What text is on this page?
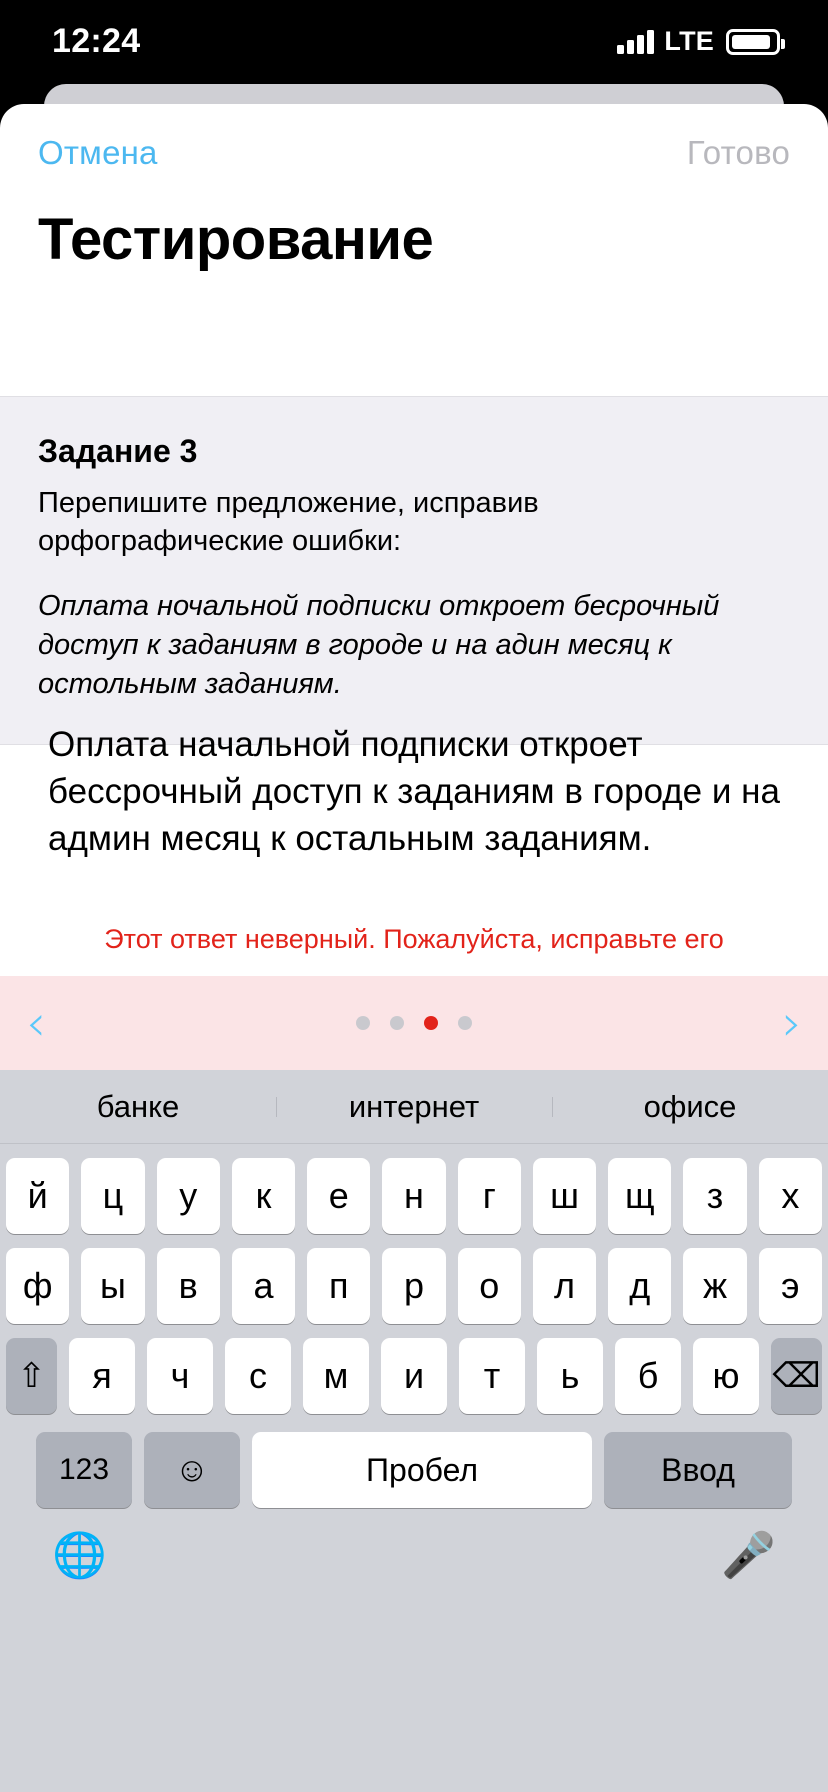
12:24	LTE
Отмена	Готово
Тестирование
Задание 3
Перепишите предложение, исправив орфографические ошибки:
Оплата ночальной подписки откроет бесрочный доступ к заданиям в городе и на адин месяц к остольным заданиям.
Оплата начальной подписки откроет бессрочный доступ к заданиям в городе и на админ месяц к остальным заданиям.
Этот ответ неверный. Пожалуйста, исправьте его
‹	›
банке	интернет	офисе
й	ц	у	к	е	н	г	ш	щ	з	х
ф	ы	в	а	п	р	о	л	д	ж	э
⇧	я	ч	с	м	и	т	ь	б	ю ⌫
123	☺	Пробел	Ввод
🌐	🎤
